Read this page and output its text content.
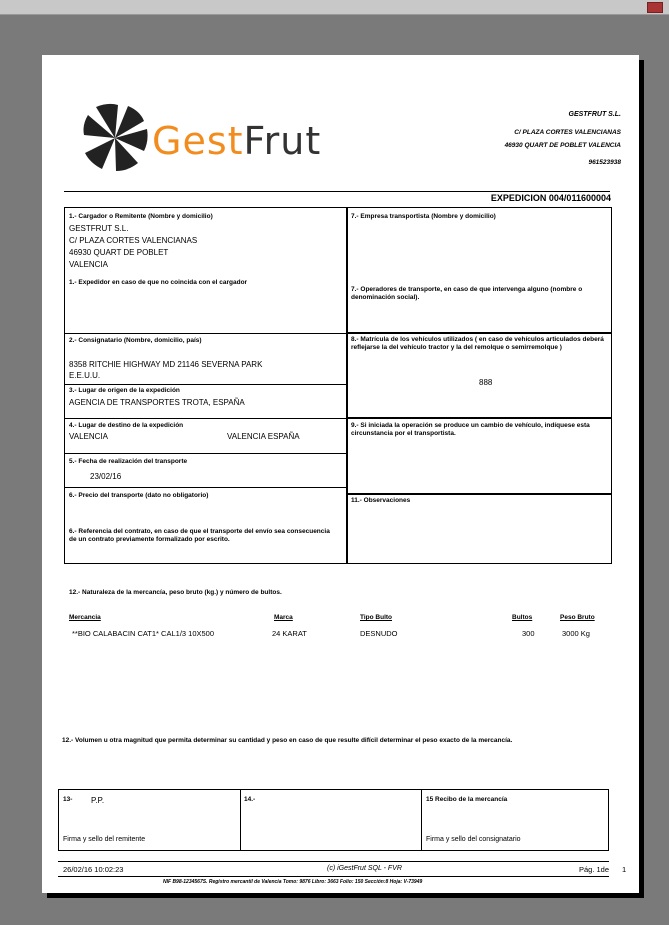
GestFrut
GESTFRUT S.L.
C/ PLAZA CORTES VALENCIANAS
46930 QUART DE POBLET VALENCIA
961523938
EXPEDICION 004/011600004
1.- Cargador o Remitente (Nombre y domicilio)
GESTFRUT S.L.
C/ PLAZA CORTES VALENCIANAS
46930 QUART DE POBLET
VALENCIA
1.- Expedidor en caso de que no coincida con el cargador
2.- Consignatario (Nombre, domicilio, país)
8358 RITCHIE HIGHWAY MD 21146 SEVERNA PARK
E.E.U.U.
3.- Lugar de origen de la expedición
AGENCIA DE TRANSPORTES TROTA, ESPAÑA
4.- Lugar de destino de la expedición
VALENCIA	VALENCIA ESPAÑA
5.- Fecha de realización del transporte
23/02/16
6.- Precio del transporte (dato no obligatorio)
6.- Referencia del contrato, en caso de que el transporte del envío sea consecuencia de un contrato previamente formalizado por escrito.
7.- Empresa transportista (Nombre y domicilio)
7.- Operadores de transporte, en caso de que intervenga alguno (nombre o denominación social).
8.- Matrícula de los vehículos utilizados ( en caso de vehículos articulados deberá reflejarse la del vehículo tractor y la del remolque o semirremolque )
888
9.- Si iniciada la operación se produce un cambio de vehículo, indíquese esta circunstancia por el transportista.
11.- Observaciones
12.- Naturaleza de la mercancía, peso bruto (kg.) y número de bultos.
Mercancia	Marca	Tipo Bulto	Bultos	Peso Bruto
**BIO CALABACIN CAT1* CAL1/3 10X500	24 KARAT	DESNUDO	300	3000 Kg
12.- Volumen u otra magnitud que permita determinar su cantidad y peso en caso de que resulte difícil determinar el peso exacto de la mercancía.
13- P.P.
Firma y sello del remitente
14.-	15 Recibo de la mercancía
Firma y sello del consignatario
26/02/16 10:02:23	(c) iGestFrut SQL - FVR	Pág. 1de 1
NIF B98-1234567S. Registro mercantil de Valencia Tomo: 9876 Libro: 3663 Folio: 150 Sección:8 Hoja: V-73949
